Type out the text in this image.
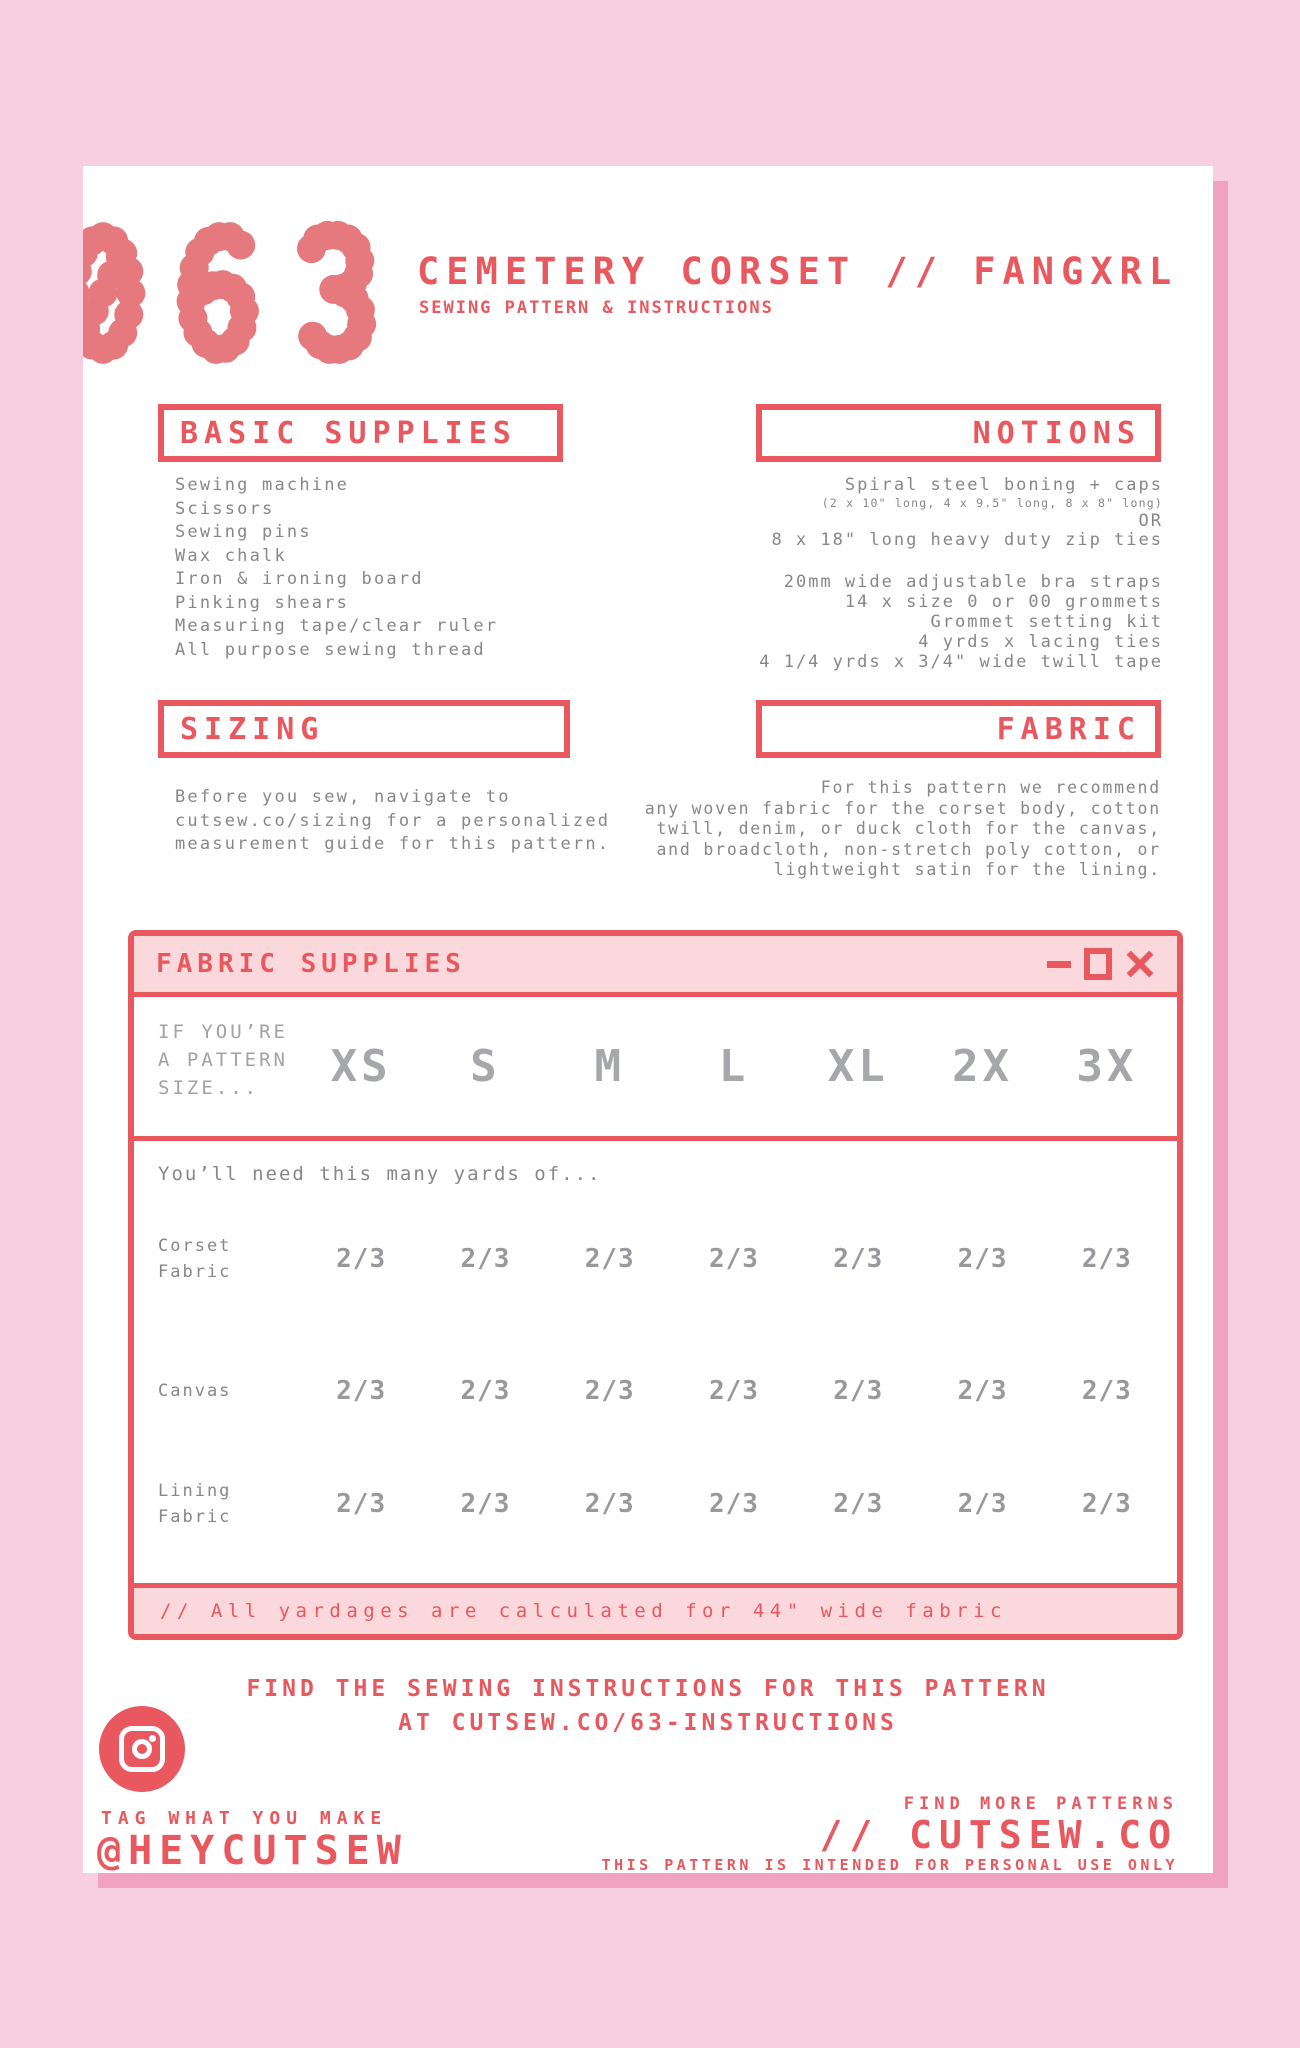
CEMETERY CORSET // FANGXRL
SEWING PATTERN & INSTRUCTIONS
BASIC SUPPLIES
Sewing machine
Scissors
Sewing pins
Wax chalk
Iron & ironing board
Pinking shears
Measuring tape/clear ruler
All purpose sewing thread
NOTIONS
Spiral steel boning + caps
(2 x 10" long, 4 x 9.5" long, 8 x 8" long)
OR
8 x 18" long heavy duty zip ties
20mm wide adjustable bra straps
14 x size 0 or 00 grommets
Grommet setting kit
4 yrds x lacing ties
4 1/4 yrds x 3/4" wide twill tape
SIZING
Before you sew, navigate to
cutsew.co/sizing for a personalized
measurement guide for this pattern.
FABRIC
For this pattern we recommend
any woven fabric for the corset body, cotton
twill, denim, or duck cloth for the canvas,
and broadcloth, non-stretch poly cotton, or
lightweight satin for the lining.
FABRIC SUPPLIES
IF YOU’RE
A PATTERN
SIZE...	XS	S	M	L	XL	2X	3X
You’ll need this many yards of...
Corset
Fabric	2/3	2/3	2/3	2/3	2/3	2/3	2/3
Canvas	2/3	2/3	2/3	2/3	2/3	2/3	2/3
Lining
Fabric	2/3	2/3	2/3	2/3	2/3	2/3	2/3
// All yardages are calculated for 44" wide fabric
FIND THE SEWING INSTRUCTIONS FOR THIS PATTERN
AT CUTSEW.CO/63-INSTRUCTIONS
TAG WHAT YOU MAKE
@HEYCUTSEW
FIND MORE PATTERNS
// CUTSEW.CO
THIS PATTERN IS INTENDED FOR PERSONAL USE ONLY
